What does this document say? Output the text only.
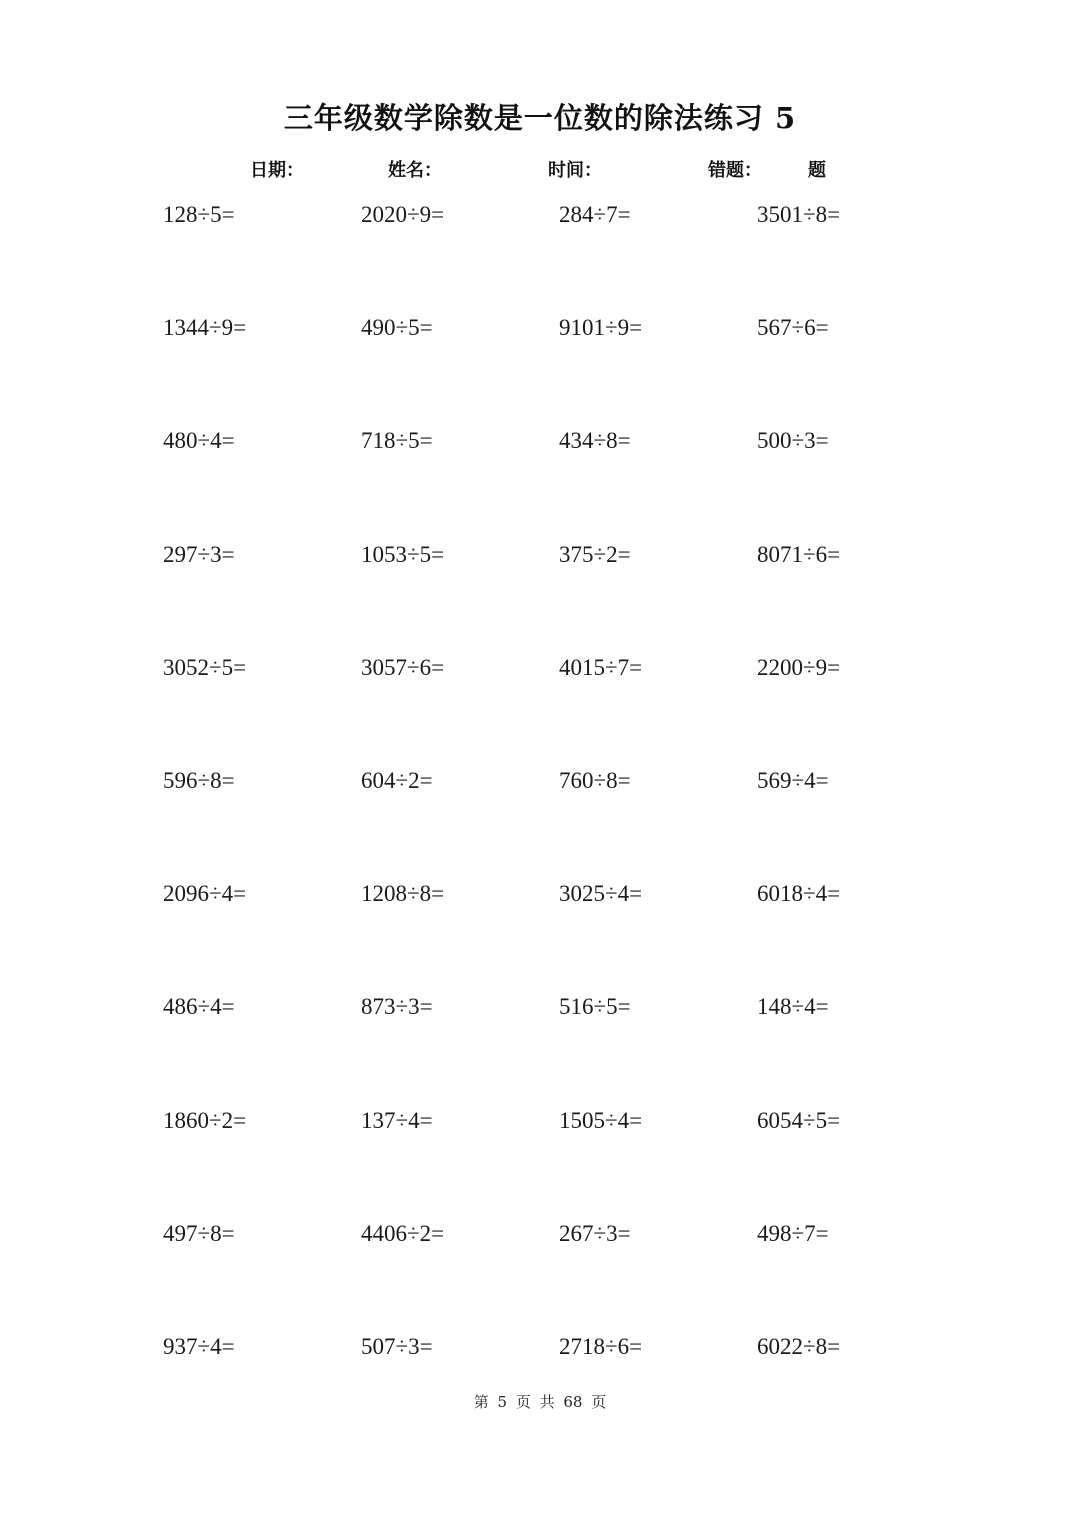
三年级数学除数是一位数的除法练习 5
日期：	姓名：	时间：	错题：	题
128÷5=	2020÷9=	284÷7=	3501÷8=
1344÷9=	490÷5=	9101÷9=	567÷6=
480÷4=	718÷5=	434÷8=	500÷3=
297÷3=	1053÷5=	375÷2=	8071÷6=
3052÷5=	3057÷6=	4015÷7=	2200÷9=
596÷8=	604÷2=	760÷8=	569÷4=
2096÷4=	1208÷8=	3025÷4=	6018÷4=
486÷4=	873÷3=	516÷5=	148÷4=
1860÷2=	137÷4=	1505÷4=	6054÷5=
497÷8=	4406÷2=	267÷3=	498÷7=
937÷4=	507÷3=	2718÷6=	6022÷8=
第 5 页 共 68 页
